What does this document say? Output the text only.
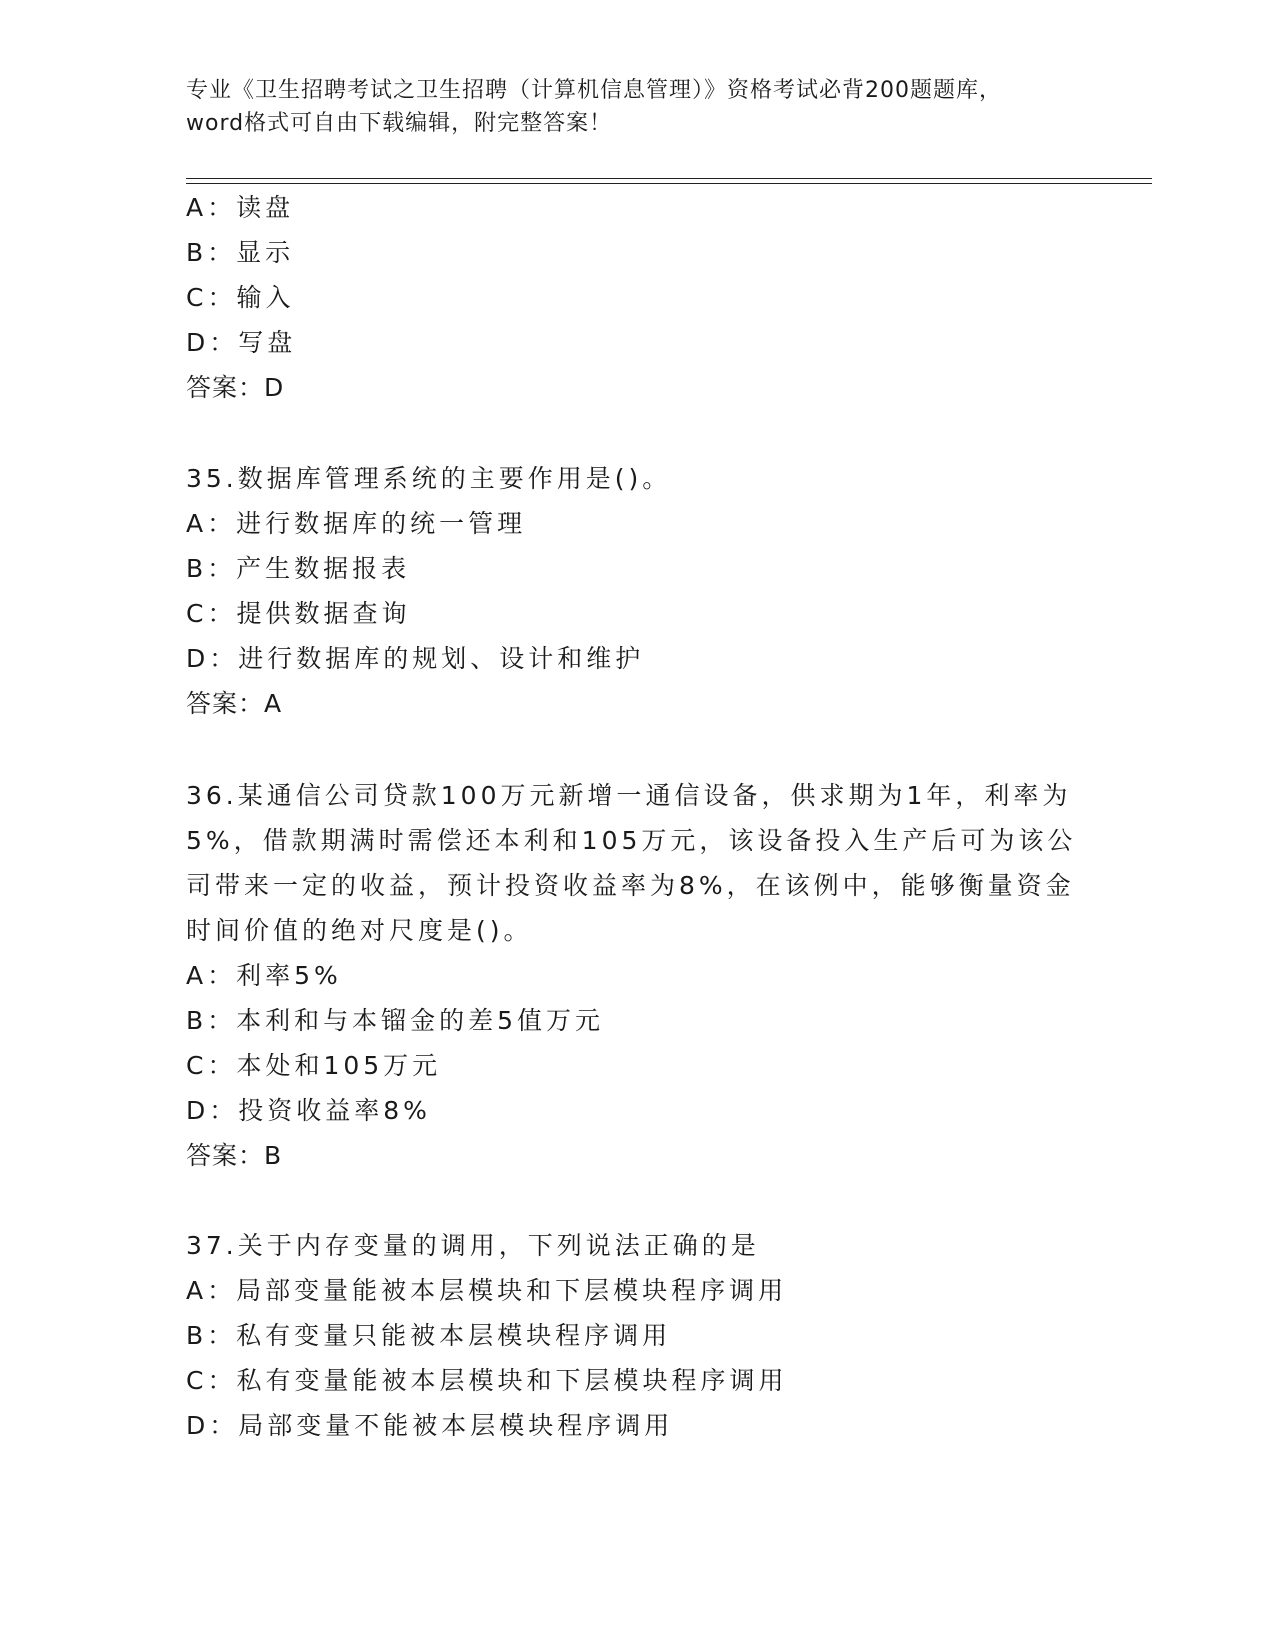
专业《卫生招聘考试之卫生招聘（计算机信息管理）》资格考试必背200题题库，
word格式可自由下载编辑，附完整答案！
A：读盘
B：显示
C：输入
D：写盘
答案：D
35.数据库管理系统的主要作用是()。
A：进行数据库的统一管理
B：产生数据报表
C：提供数据查询
D：进行数据库的规划、设计和维护
答案：A
36.某通信公司贷款100万元新增一通信设备，供求期为1年，利率为
5%，借款期满时需偿还本利和105万元，该设备投入生产后可为该公
司带来一定的收益，预计投资收益率为8%，在该例中，能够衡量资金
时间价值的绝对尺度是()。
A：利率5%
B：本利和与本镏金的差5值万元
C：本处和105万元
D：投资收益率8%
答案：B
37.关于内存变量的调用，下列说法正确的是
A：局部变量能被本层模块和下层模块程序调用
B：私有变量只能被本层模块程序调用
C：私有变量能被本层模块和下层模块程序调用
D：局部变量不能被本层模块程序调用
